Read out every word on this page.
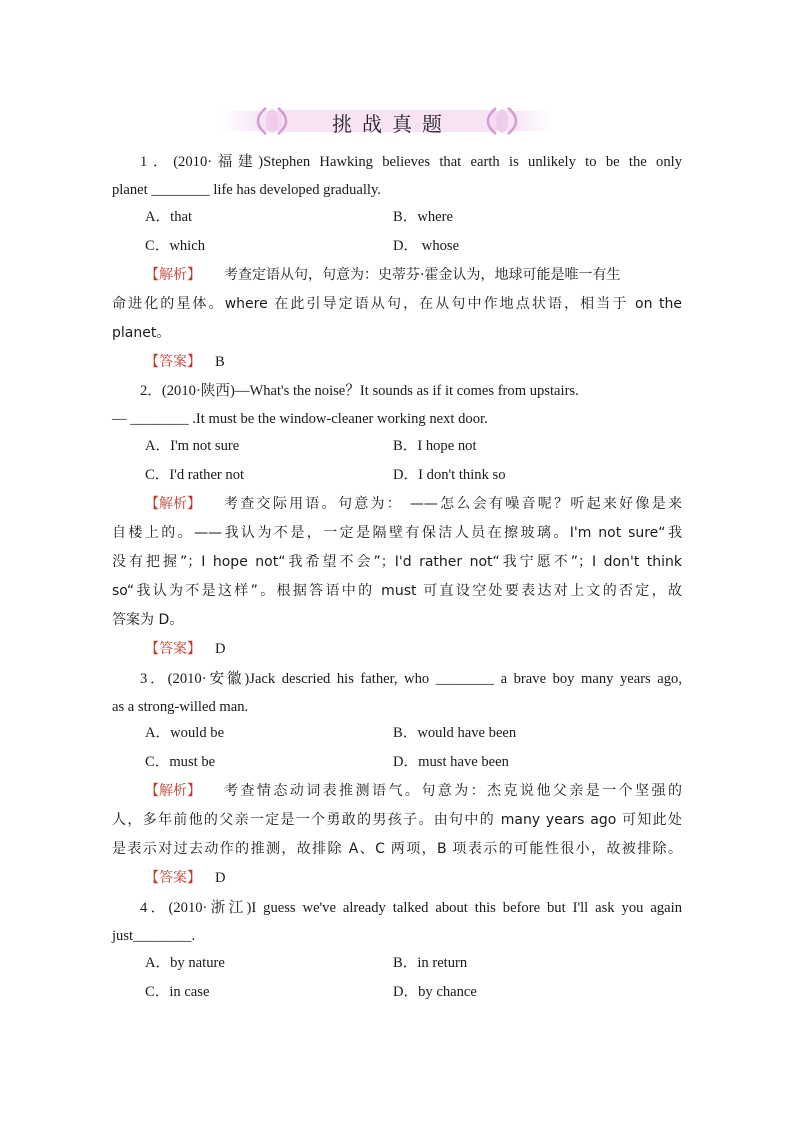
挑战真题
1．(2010·福建)Stephen Hawking believes that earth is unlikely to be the only
planet ________ life has developed gradually.
A．that	B．where
C．which	D． whose
【解析】 考查定语从句，句意为：史蒂芬·霍金认为，地球可能是唯一有生
命进化的星体。where 在此引导定语从句，在从句中作地点状语，相当于 on the
planet。
【答案】 B
2．(2010·陕西)—What's the noise？It sounds as if it comes from upstairs.
— ________ .It must be the window-cleaner working next door.
A．I'm not sure	B．I hope not
C．I'd rather not	D．I don't think so
【解析】 考查交际用语。句意为： ——怎么会有噪音呢？听起来好像是来
自楼上的。——我认为不是，一定是隔壁有保洁人员在擦玻璃。I'm not sure“我
没有把握”；I hope not“我希望不会”；I'd rather not“我宁愿不”；I don't think
so“我认为不是这样”。根据答语中的 must 可直设空处要表达对上文的否定，故
答案为 D。
【答案】 D
3．(2010·安徽)Jack descried his father, who ________ a brave boy many years ago,
as a strong-willed man.
A．would be	B．would have been
C．must be	D．must have been
【解析】 考查情态动词表推测语气。句意为：杰克说他父亲是一个坚强的
人，多年前他的父亲一定是一个勇敢的男孩子。由句中的 many years ago 可知此处
是表示对过去动作的推测，故排除 A、C 两项，B 项表示的可能性很小，故被排除。
【答案】 D
4．(2010·浙江)I guess we've already talked about this before but I'll ask you again
just________.
A．by nature	B．in return
C．in case	D．by chance
